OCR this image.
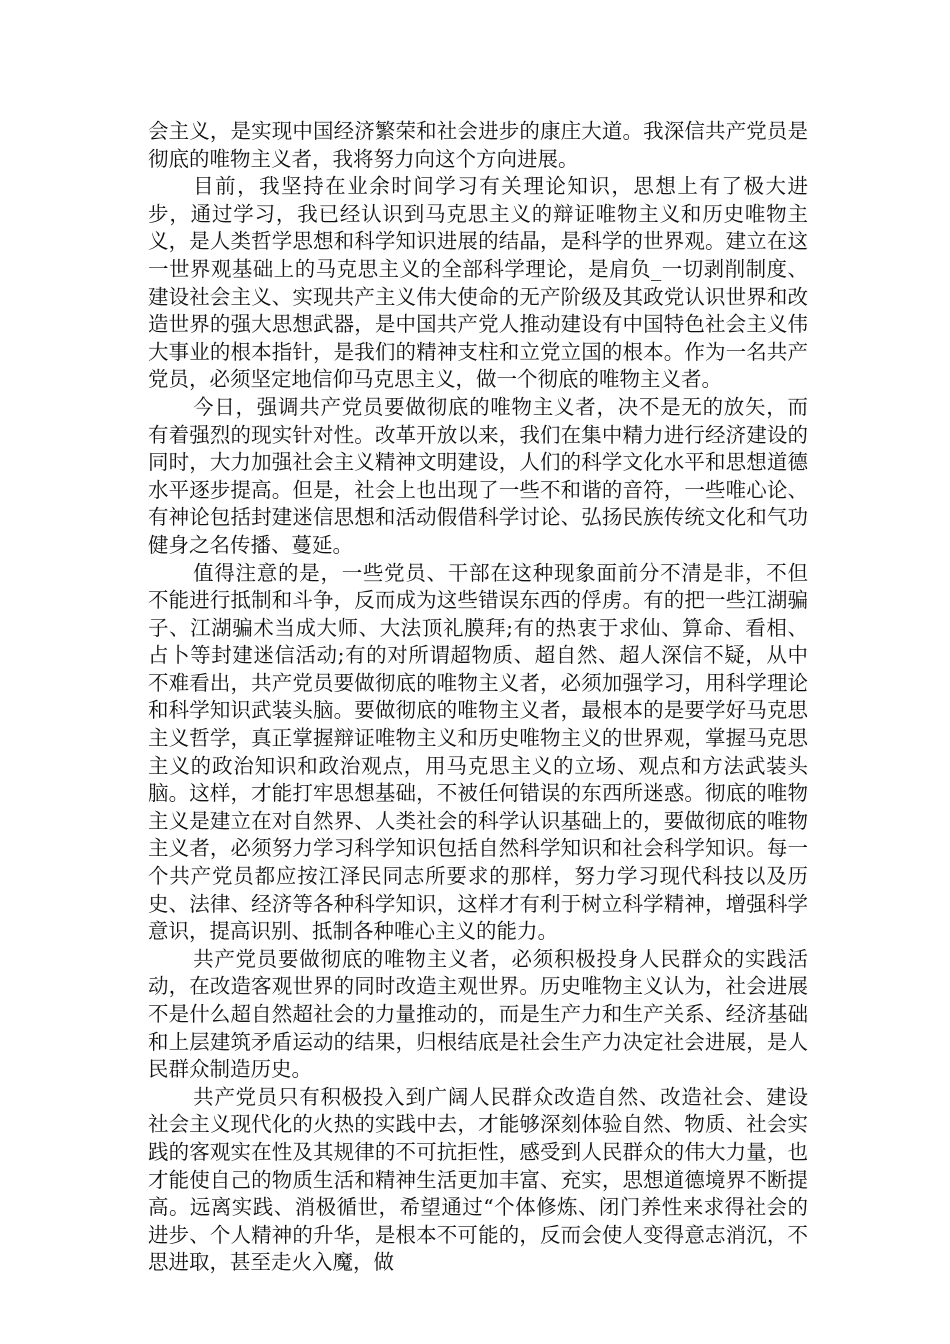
会主义，是实现中国经济繁荣和社会进步的康庄大道。我深信共产党员是彻底的唯物主义者，我将努力向这个方向进展。

目前，我坚持在业余时间学习有关理论知识，思想上有了极大进步，通过学习，我已经认识到马克思主义的辩证唯物主义和历史唯物主义，是人类哲学思想和科学知识进展的结晶，是科学的世界观。建立在这一世界观基础上的马克思主义的全部科学理论，是肩负_一切剥削制度、建设社会主义、实现共产主义伟大使命的无产阶级及其政党认识世界和改造世界的强大思想武器，是中国共产党人推动建设有中国特色社会主义伟大事业的根本指针，是我们的精神支柱和立党立国的根本。作为一名共产党员，必须坚定地信仰马克思主义，做一个彻底的唯物主义者。

今日，强调共产党员要做彻底的唯物主义者，决不是无的放矢，而有着强烈的现实针对性。改革开放以来，我们在集中精力进行经济建设的同时，大力加强社会主义精神文明建设，人们的科学文化水平和思想道德水平逐步提高。但是，社会上也出现了一些不和谐的音符，一些唯心论、有神论包括封建迷信思想和活动假借科学讨论、弘扬民族传统文化和气功健身之名传播、蔓延。

值得注意的是，一些党员、干部在这种现象面前分不清是非，不但不能进行抵制和斗争，反而成为这些错误东西的俘虏。有的把一些江湖骗子、江湖骗术当成大师、大法顶礼膜拜;有的热衷于求仙、算命、看相、占卜等封建迷信活动;有的对所谓超物质、超自然、超人深信不疑，从中不难看出，共产党员要做彻底的唯物主义者，必须加强学习，用科学理论和科学知识武装头脑。要做彻底的唯物主义者，最根本的是要学好马克思主义哲学，真正掌握辩证唯物主义和历史唯物主义的世界观，掌握马克思主义的政治知识和政治观点，用马克思主义的立场、观点和方法武装头脑。这样，才能打牢思想基础，不被任何错误的东西所迷惑。彻底的唯物主义是建立在对自然界、人类社会的科学认识基础上的，要做彻底的唯物主义者，必须努力学习科学知识包括自然科学知识和社会科学知识。每一个共产党员都应按江泽民同志所要求的那样，努力学习现代科技以及历史、法律、经济等各种科学知识，这样才有利于树立科学精神，增强科学意识，提高识别、抵制各种唯心主义的能力。

共产党员要做彻底的唯物主义者，必须积极投身人民群众的实践活动，在改造客观世界的同时改造主观世界。历史唯物主义认为，社会进展不是什么超自然超社会的力量推动的，而是生产力和生产关系、经济基础和上层建筑矛盾运动的结果，归根结底是社会生产力决定社会进展，是人民群众制造历史。

共产党员只有积极投入到广阔人民群众改造自然、改造社会、建设社会主义现代化的火热的实践中去，才能够深刻体验自然、物质、社会实践的客观实在性及其规律的不可抗拒性，感受到人民群众的伟大力量，也才能使自己的物质生活和精神生活更加丰富、充实，思想道德境界不断提高。远离实践、消极循世，希望通过“个体修炼、闭门养性来求得社会的进步、个人精神的升华，是根本不可能的，反而会使人变得意志消沉，不思进取，甚至走火入魔，做
